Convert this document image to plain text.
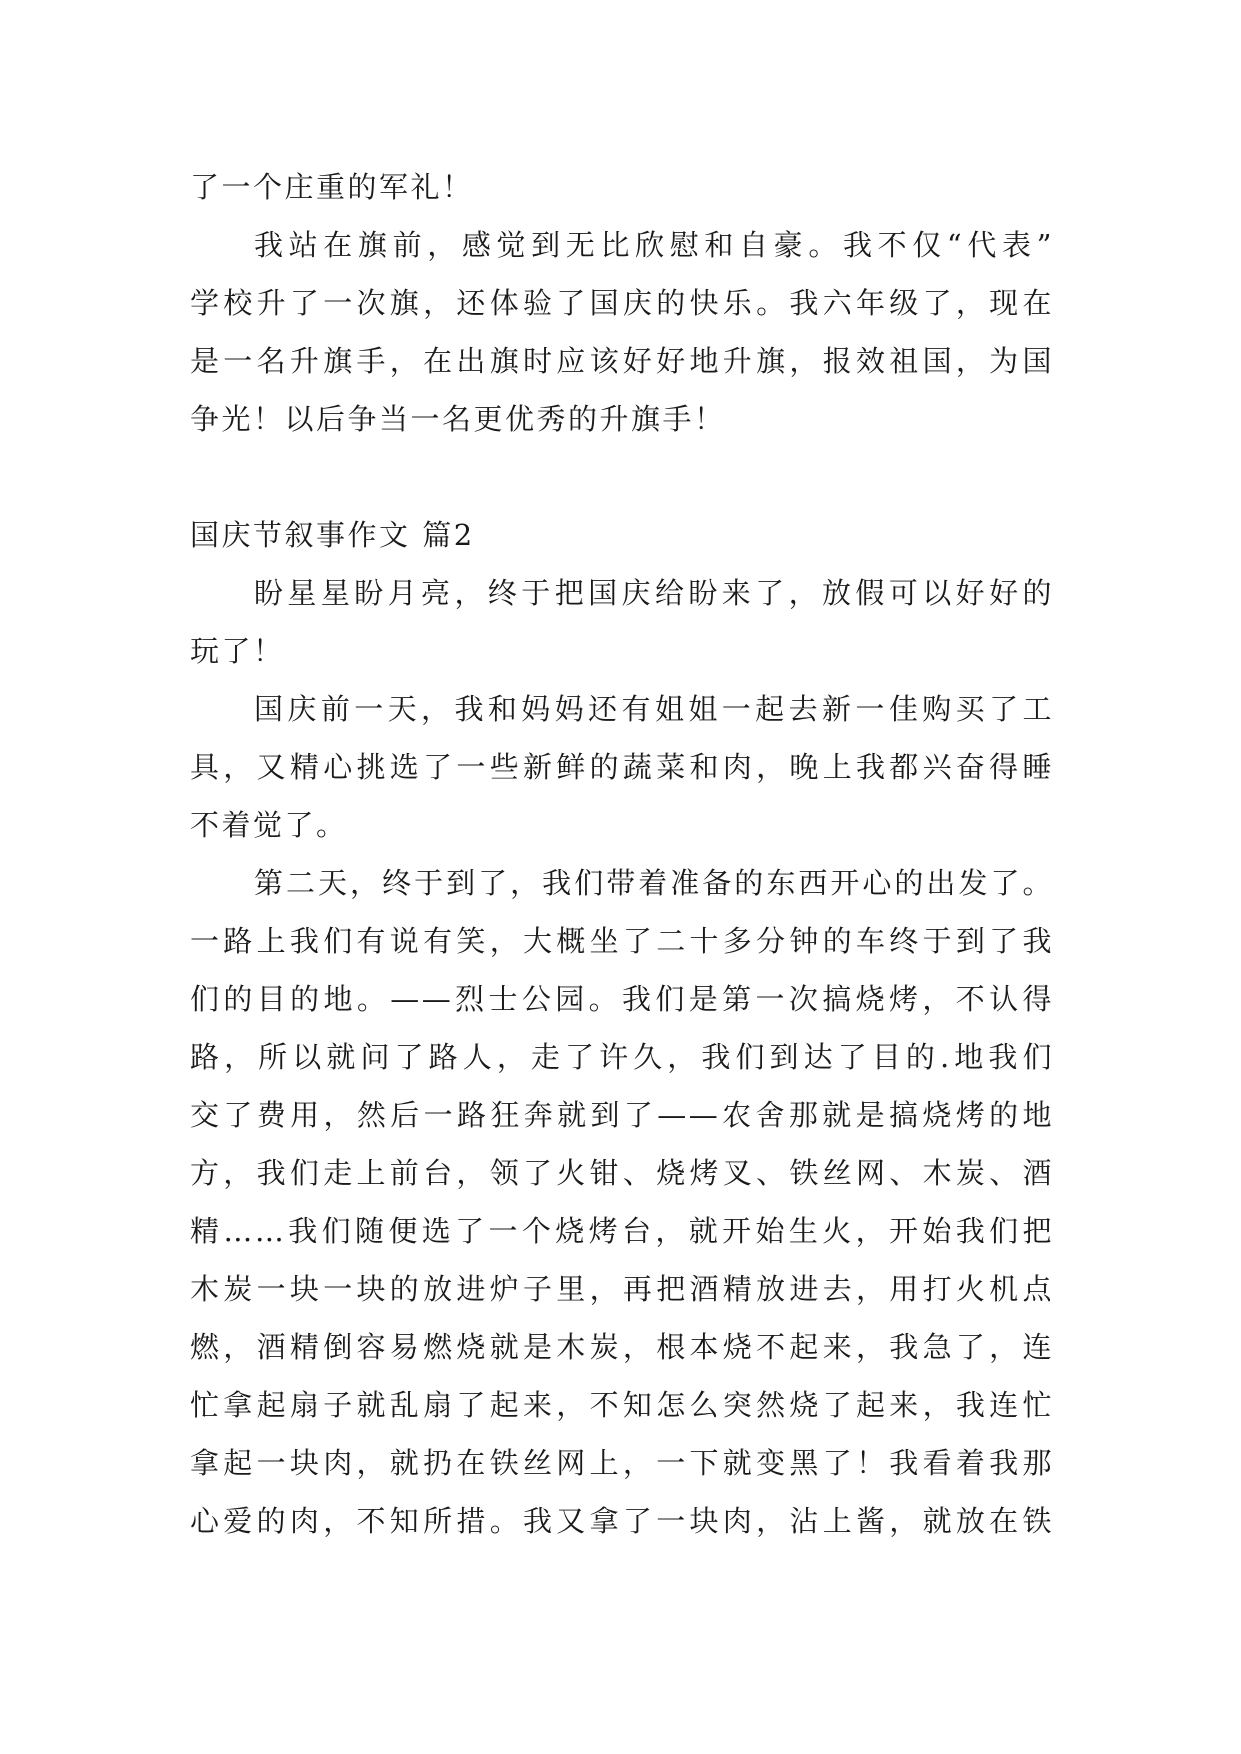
了一个庄重的军礼！
我站在旗前，感觉到无比欣慰和自豪。我不仅“代表”
学校升了一次旗，还体验了国庆的快乐。我六年级了，现在
是一名升旗手，在出旗时应该好好地升旗，报效祖国，为国
争光！以后争当一名更优秀的升旗手！
国庆节叙事作文 篇2
盼星星盼月亮，终于把国庆给盼来了，放假可以好好的
玩了！
国庆前一天，我和妈妈还有姐姐一起去新一佳购买了工
具，又精心挑选了一些新鲜的蔬菜和肉，晚上我都兴奋得睡
不着觉了。
第二天，终于到了，我们带着准备的东西开心的出发了。
一路上我们有说有笑，大概坐了二十多分钟的车终于到了我
们的目的地。——烈士公园。我们是第一次搞烧烤，不认得
路，所以就问了路人，走了许久，我们到达了目的.地我们
交了费用，然后一路狂奔就到了——农舍那就是搞烧烤的地
方，我们走上前台，领了火钳、烧烤叉、铁丝网、木炭、酒
精……我们随便选了一个烧烤台，就开始生火，开始我们把
木炭一块一块的放进炉子里，再把酒精放进去，用打火机点
燃，酒精倒容易燃烧就是木炭，根本烧不起来，我急了，连
忙拿起扇子就乱扇了起来，不知怎么突然烧了起来，我连忙
拿起一块肉，就扔在铁丝网上，一下就变黑了！我看着我那
心爱的肉，不知所措。我又拿了一块肉，沾上酱，就放在铁
